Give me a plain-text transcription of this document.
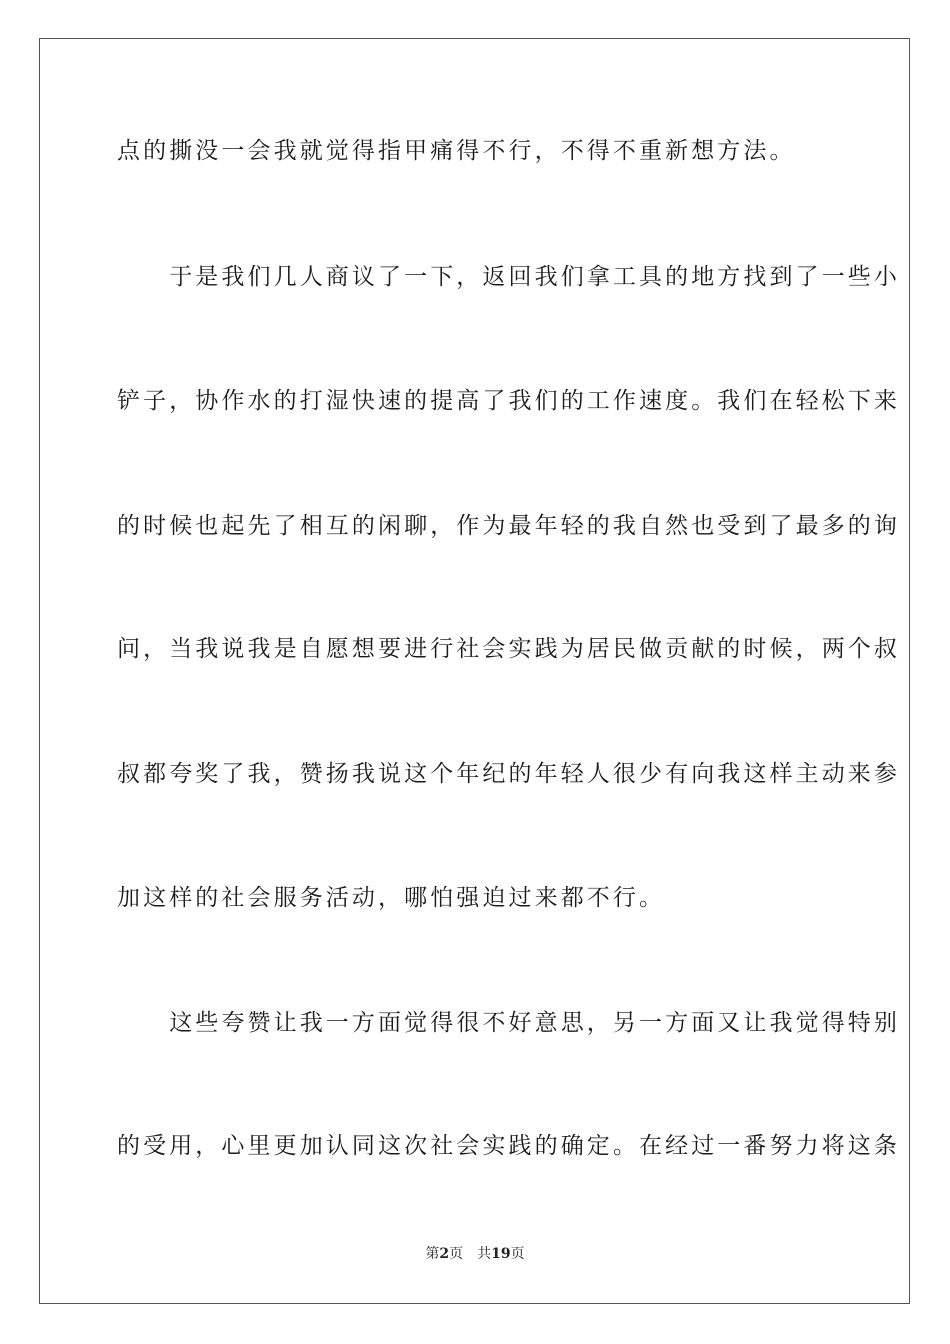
点的撕没一会我就觉得指甲痛得不行，不得不重新想方法。
　　于是我们几人商议了一下，返回我们拿工具的地方找到了一些小
铲子，协作水的打湿快速的提高了我们的工作速度。我们在轻松下来
的时候也起先了相互的闲聊，作为最年轻的我自然也受到了最多的询
问，当我说我是自愿想要进行社会实践为居民做贡献的时候，两个叔
叔都夸奖了我，赞扬我说这个年纪的年轻人很少有向我这样主动来参
加这样的社会服务活动，哪怕强迫过来都不行。
　　这些夸赞让我一方面觉得很不好意思，另一方面又让我觉得特别
的受用，心里更加认同这次社会实践的确定。在经过一番努力将这条
第2页 共19页
